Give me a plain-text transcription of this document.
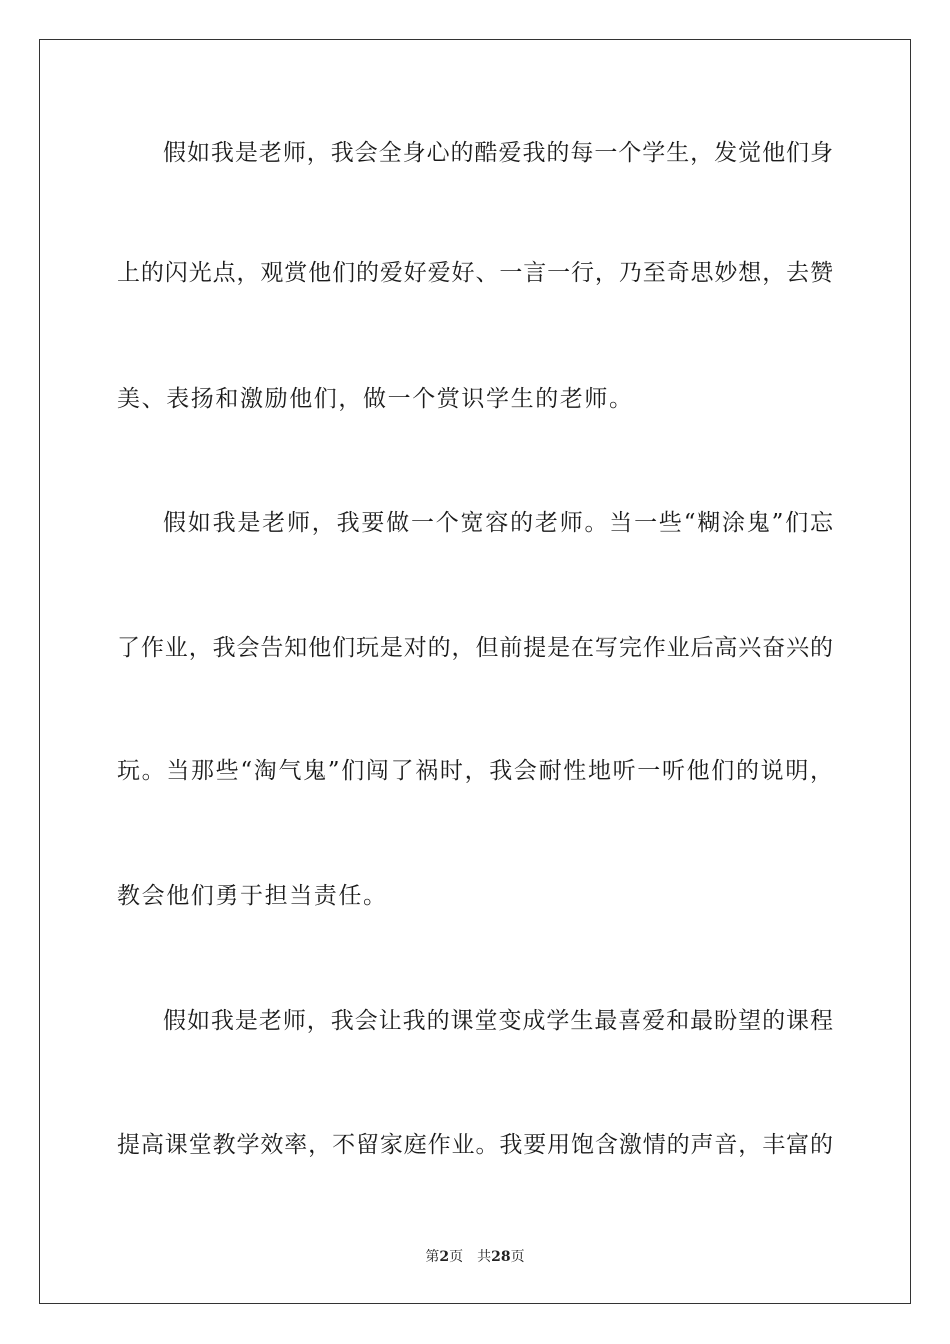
假如我是老师，我会全身心的酷爱我的每一个学生，发觉他们身
上的闪光点，观赏他们的爱好爱好、一言一行，乃至奇思妙想，去赞
美、表扬和激励他们，做一个赏识学生的老师。
假如我是老师，我要做一个宽容的老师。当一些“糊涂鬼”们忘
了作业，我会告知他们玩是对的，但前提是在写完作业后高兴奋兴的
玩。当那些“淘气鬼”们闯了祸时，我会耐性地听一听他们的说明，
教会他们勇于担当责任。
假如我是老师，我会让我的课堂变成学生最喜爱和最盼望的课程
提高课堂教学效率，不留家庭作业。我要用饱含激情的声音，丰富的
第2页 共28页
